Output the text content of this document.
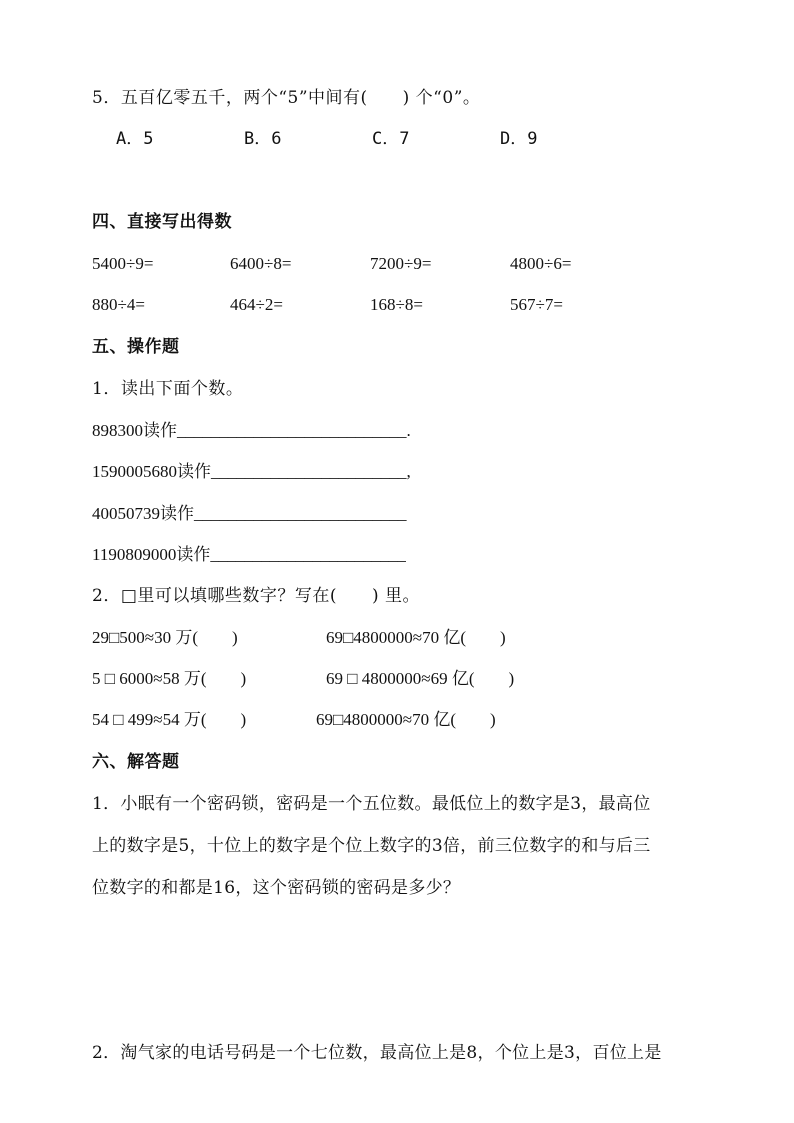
5．五百亿零五千，两个“5”中间有(　　) 个“0”。
A．5	B．6	C．7	D．9
四、直接写出得数
5400÷9=	6400÷8=	7200÷9=	4800÷6=
880÷4=	464÷2=	168÷8=	567÷7=
五、操作题
1．读出下面个数。
898300读作___________________________.
1590005680读作_______________________,
40050739读作_________________________
1190809000读作_______________________
2．□里可以填哪些数字？写在(　　) 里。
29□500≈30 万(　　)	69□4800000≈70 亿(　　)
5 □ 6000≈58 万(　　)	69 □ 4800000≈69 亿(　　)
54 □ 499≈54 万(　　)	69□4800000≈70 亿(　　)
六、解答题
1．小眠有一个密码锁，密码是一个五位数。最低位上的数字是3，最高位
上的数字是5，十位上的数字是个位上数字的3倍，前三位数字的和与后三
位数字的和都是16，这个密码锁的密码是多少？
2．淘气家的电话号码是一个七位数，最高位上是8，个位上是3，百位上是
